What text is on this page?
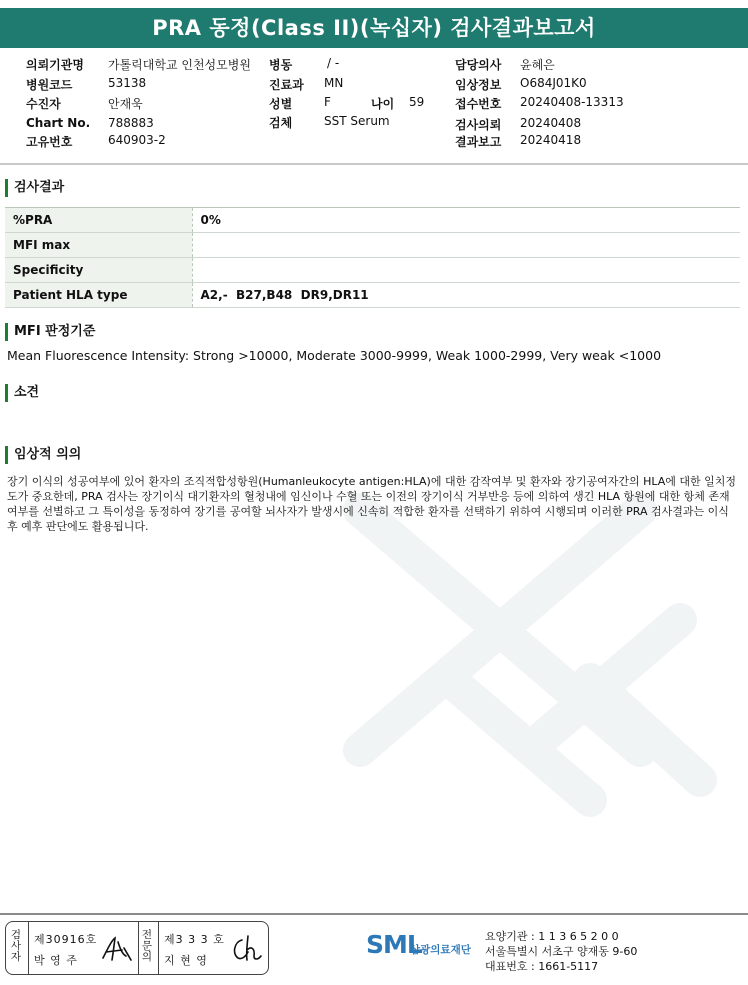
PRA 동정(Class II)(녹십자) 검사결과보고서
의뢰기관명 가톨릭대학교 인천성모병원
병원코드	53138
수진자	안재욱
Chart No. 788883
고유번호	640903-2
병동	/ -
진료과 MN
성별	F	나이 59
검체	SST Serum
담당의사 윤혜은
임상정보 O684J01K0
접수번호 20240408-13313
검사의뢰 20240408
결과보고 20240418
검사결과
%PRA	0%
MFI max	
Specificity	
Patient HLA type	A2,-  B27,B48  DR9,DR11
MFI 판정기준
Mean Fluorescence Intensity: Strong >10000, Moderate 3000-9999, Weak 1000-2999, Very weak <1000
소견
임상적 의의
장기 이식의 성공여부에 있어 환자의 조직적합성항원(Humanleukocyte antigen:HLA)에 대한 감작여부 및 환자와 장기공여자간의 HLA에 대한 일치정도가 중요한데, PRA 검사는 장기이식 대기환자의 혈청내에 임신이나 수혈 또는 이전의 장기이식 거부반응 등에 의하여 생긴 HLA 항원에 대한 항체 존재 여부를 선별하고 그 특이성을 동정하여 장기를 공여할 뇌사자가 발생시에 신속히 적합한 환자를 선택하기 위하여 시행되며 이러한 PRA 검사결과는 이식 후 예후 판단에도 활용됩니다.
검사자
제30916호
박 영 주
전문의
제3 3 3 호
지 현 영
SML
삼광의료재단
요양기관 : 1 1 3 6 5 2 0 0
서울특별시 서초구 양재동 9-60
대표번호 : 1661-5117
